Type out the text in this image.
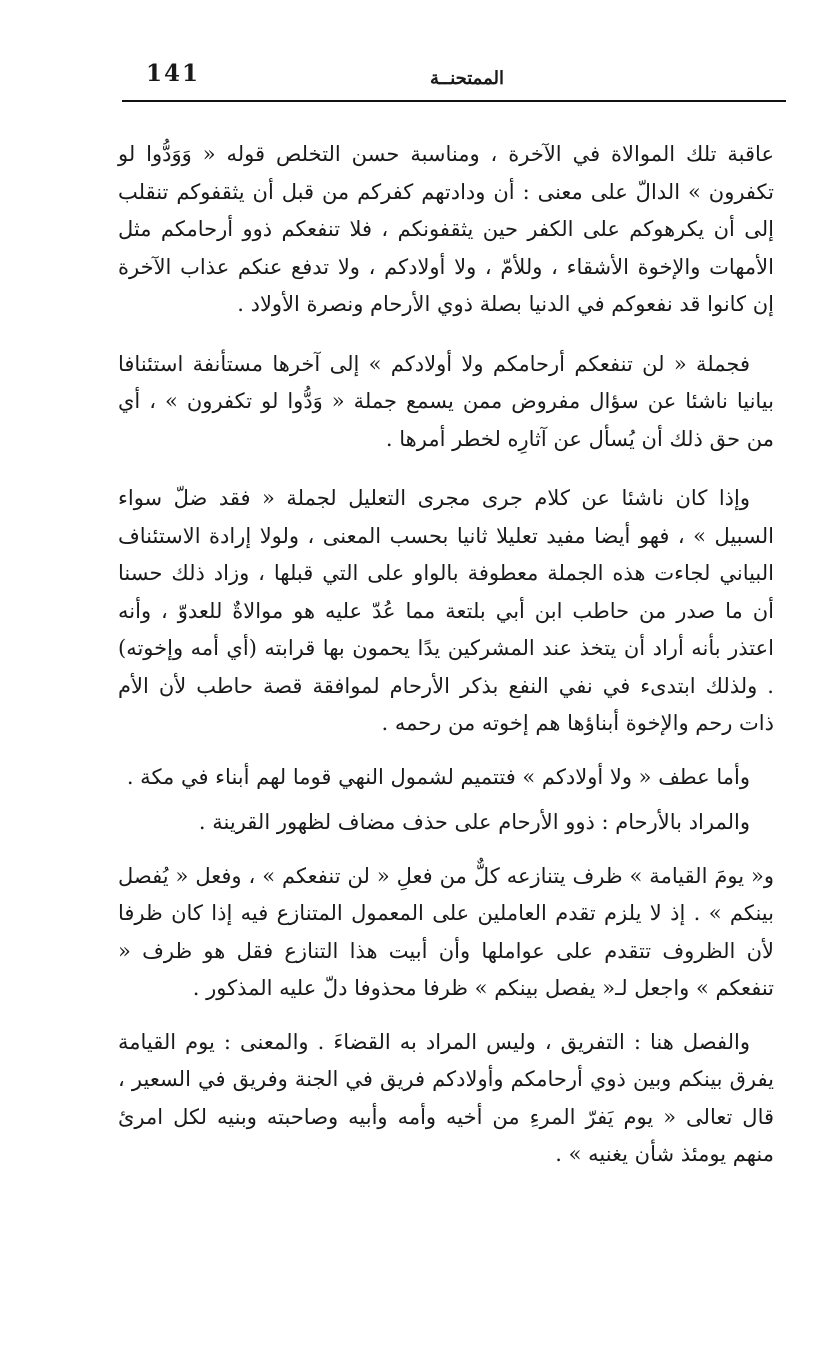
141	الممتحنــة

عاقبة تلك الموالاة في الآخرة ، ومناسبة حسن التخلص قوله « وَوَدُّوا لو تكفرون » الدالّ على معنى : أن ودادتهم كفركم من قبل أن يثقفوكم تنقلب إلى أن يكرهوكم على الكفر حين يثقفونكم ، فلا تنفعكم ذوو أرحامكم مثل الأمهات والإخوة الأشقاء ، وللأمّ ، ولا أولادكم ، ولا تدفع عنكم عذاب الآخرة إن كانوا قد نفعوكم في الدنيا بصلة ذوي الأرحام ونصرة الأولاد .

فجملة « لن تنفعكم أرحامكم ولا أولادكم » إلى آخرها مستأنفة استئنافا بيانيا ناشئا عن سؤال مفروض ممن يسمع جملة « وَدُّوا لو تكفرون » ، أي من حق ذلك أن يُسأل عن آثارِه لخطر أمرها .

وإذا كان ناشئا عن كلام جرى مجرى التعليل لجملة « فقد ضلّ سواء السبيل » ، فهو أيضا مفيد تعليلا ثانيا بحسب المعنى ، ولولا إرادة الاستئناف البياني لجاءت هذه الجملة معطوفة بالواو على التي قبلها ، وزاد ذلك حسنا أن ما صدر من حاطب ابن أبي بلتعة مما عُدّ عليه هو موالاةٌ للعدوّ ، وأنه اعتذر بأنه أراد أن يتخذ عند المشركين يدًا يحمون بها قرابته (أي أمه وإخوته) . ولذلك ابتدىء في نفي النفع بذكر الأرحام لموافقة قصة حاطب لأن الأم ذات رحم والإخوة أبناؤها هم إخوته من رحمه .

وأما عطف « ولا أولادكم » فتتميم لشمول النهي قوما لهم أبناء في مكة .

والمراد بالأرحام : ذوو الأرحام على حذف مضاف لظهور القرينة .

و« يومَ القيامة » ظرف يتنازعه كلٌّ من فعلِ « لن تنفعكم » ، وفعل « يُفصل بينكم » . إذ لا يلزم تقدم العاملين على المعمول المتنازع فيه إذا كان ظرفا لأن الظروف تتقدم على عواملها وأن أبيت هذا التنازع فقل هو ظرف « تنفعكم » واجعل لـ« يفصل بينكم » ظرفا محذوفا دلّ عليه المذكور .

والفصل هنا : التفريق ، وليس المراد به القضاءَ . والمعنى : يوم القيامة يفرق بينكم وبين ذوي أرحامكم وأولادكم فريق في الجنة وفريق في السعير ، قال تعالى « يوم يَفرّ المرءِ من أخيه وأمه وأبيه وصاحبته وبنيه لكل امرئ منهم يومئذ شأن يغنيه » .
